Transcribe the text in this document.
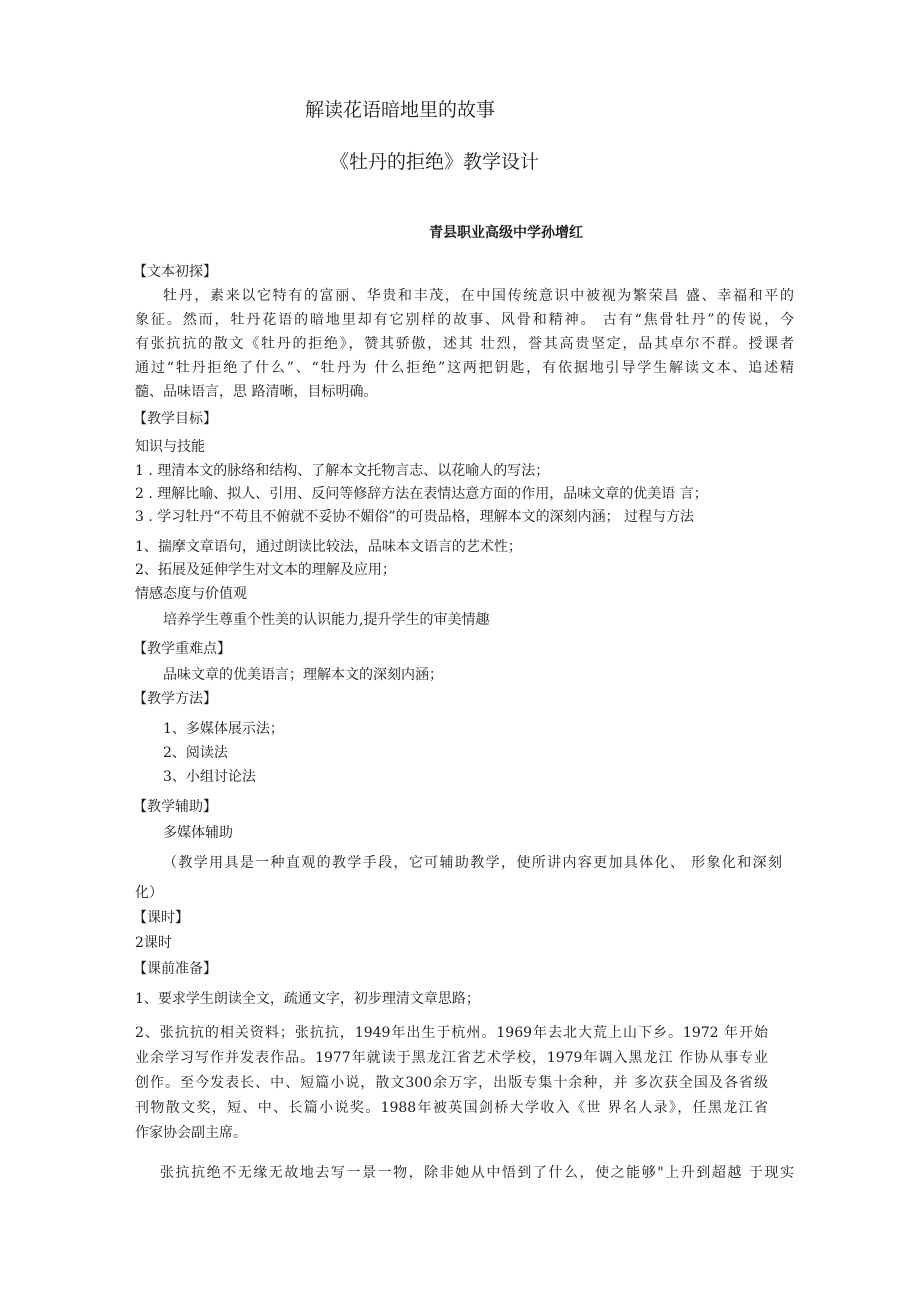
解读花语暗地里的故事
《牡丹的拒绝》教学设计
青县职业高级中学孙增红
【文本初探】
牡丹，素来以它特有的富丽、华贵和丰茂，在中国传统意识中被视为繁荣昌 盛、幸福和平的
象征。然而，牡丹花语的暗地里却有它别样的故事、风骨和精神。 古有“焦骨牡丹”的传说，今
有张抗抗的散文《牡丹的拒绝》，赞其骄傲，述其 壮烈，誉其高贵坚定，品其卓尔不群。授课者
通过“牡丹拒绝了什么”、“牡丹为 什么拒绝”这两把钥匙，有依据地引导学生解读文本、追述精
髓、品味语言，思 路清晰，目标明确。
【教学目标】
知识与技能
1 . 理清本文的脉络和结构、了解本文托物言志、以花喻人的写法；
2 . 理解比喻、拟人、引用、反问等修辞方法在表情达意方面的作用，品味文章的优美语 言；
3 . 学习牡丹“不苟且不俯就不妥协不媚俗”的可贵品格，理解本文的深刻内涵； 过程与方法
1、揣摩文章语句，通过朗读比较法，品味本文语言的艺术性；
2、拓展及延伸学生对文本的理解及应用；
情感态度与价值观
培养学生尊重个性美的认识能力,提升学生的审美情趣
【教学重难点】
品味文章的优美语言；理解本文的深刻内涵；
【教学方法】
1、多媒体展示法；
2、阅读法
3、小组讨论法
【教学辅助】
多媒体辅助
（教学用具是一种直观的教学手段，它可辅助教学，使所讲内容更加具体化、 形象化和深刻
化）
【课时】
2课时
【课前准备】
1、要求学生朗读全文，疏通文字，初步理清文章思路；
2、张抗抗的相关资料；张抗抗，1949年出生于杭州。1969年去北大荒上山下乡。1972 年开始
业余学习写作并发表作品。1977年就读于黑龙江省艺术学校，1979年调入黑龙江 作协从事专业
创作。至今发表长、中、短篇小说，散文300余万字，出版专集十余种，并 多次获全国及各省级
刊物散文奖，短、中、长篇小说奖。1988年被英国剑桥大学收入《世 界名人录》，任黑龙江省
作家协会副主席。
张抗抗绝不无缘无故地去写一景一物，除非她从中悟到了什么，使之能够"上升到超越 于现实
